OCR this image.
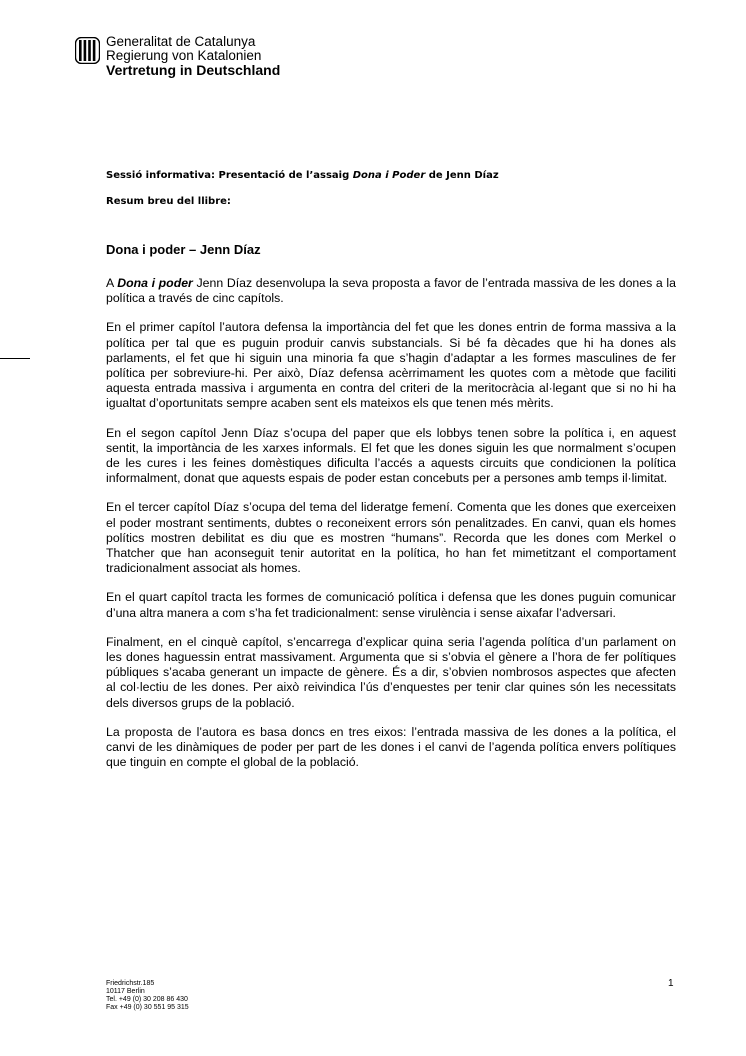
Generalitat de Catalunya
Regierung von Katalonien
Vertretung in Deutschland
Sessió informativa: Presentació de l’assaig Dona i Poder de Jenn Díaz
Resum breu del llibre:
Dona i poder – Jenn Díaz

A Dona i poder Jenn Díaz desenvolupa la seva proposta a favor de l’entrada massiva de les dones a la política a través de cinc capítols.

En el primer capítol l’autora defensa la importància del fet que les dones entrin de forma massiva a la política per tal que es puguin produir canvis substancials. Si bé fa dècades que hi ha dones als parlaments, el fet que hi siguin una minoria fa que s’hagin d’adaptar a les formes masculines de fer política per sobreviure-hi. Per això, Díaz defensa acèrrimament les quotes com a mètode que faciliti aquesta entrada massiva i argumenta en contra del criteri de la meritocràcia al·legant que si no hi ha igualtat d’oportunitats sempre acaben sent els mateixos els que tenen més mèrits.

En el segon capítol Jenn Díaz s’ocupa del paper que els lobbys tenen sobre la política i, en aquest sentit, la importància de les xarxes informals. El fet que les dones siguin les que normalment s’ocupen de les cures i les feines domèstiques dificulta l’accés a aquests circuits que condicionen la política informalment, donat que aquests espais de poder estan concebuts per a persones amb temps il·limitat.

En el tercer capítol Díaz s’ocupa del tema del lideratge femení. Comenta que les dones que exerceixen el poder mostrant sentiments, dubtes o reconeixent errors són penalitzades. En canvi, quan els homes polítics mostren debilitat es diu que es mostren “humans”. Recorda que les dones com Merkel o Thatcher que han aconseguit tenir autoritat en la política, ho han fet mimetitzant el comportament tradicionalment associat als homes.

En el quart capítol tracta les formes de comunicació política i defensa que les dones puguin comunicar d’una altra manera a com s’ha fet tradicionalment: sense virulència i sense aixafar l’adversari.

Finalment, en el cinquè capítol, s’encarrega d’explicar quina seria l’agenda política d’un parlament on les dones haguessin entrat massivament. Argumenta que si s’obvia el gènere a l’hora de fer polítiques públiques s’acaba generant un impacte de gènere. És a dir, s’obvien nombrosos aspectes que afecten al col·lectiu de les dones. Per això reivindica l’ús d’enquestes per tenir clar quines són les necessitats dels diversos grups de la població.

La proposta de l’autora es basa doncs en tres eixos: l’entrada massiva de les dones a la política, el canvi de les dinàmiques de poder per part de les dones i el canvi de l’agenda política envers polítiques que tinguin en compte el global de la població.

Friedrichstr.185
10117 Berlin
Tel. +49 (0) 30 208 86 430
Fax +49 (0) 30 551 95 315
1
